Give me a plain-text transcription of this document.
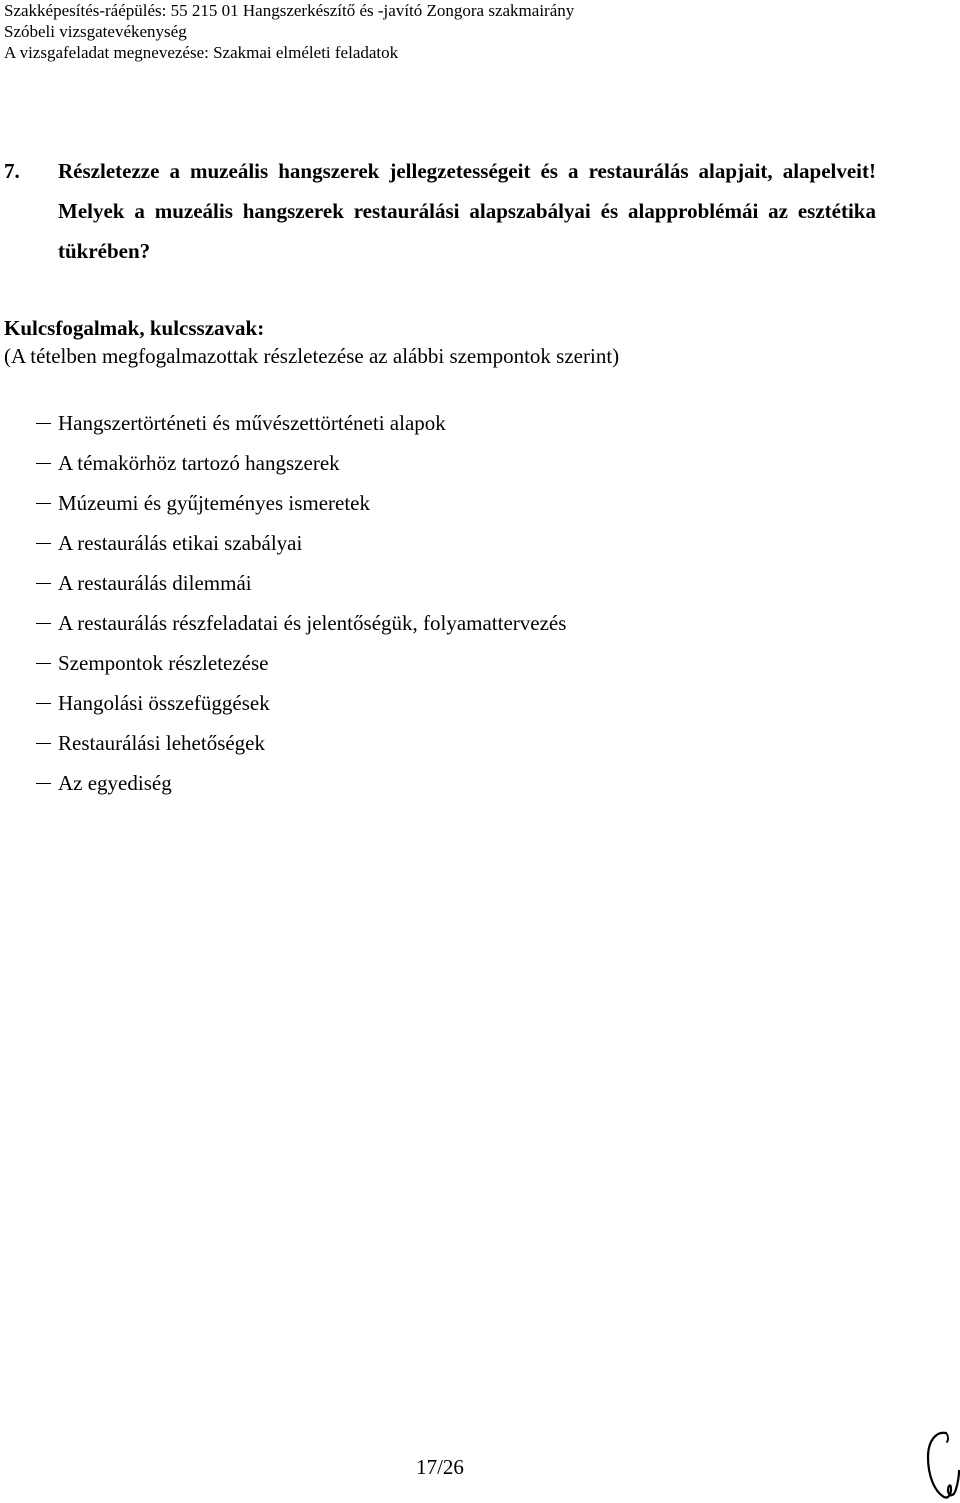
Szakképesítés-ráépülés: 55 215 01 Hangszerkészítő és -javító Zongora szakmairány
Szóbeli vizsgatevékenység
A vizsgafeladat megnevezése: Szakmai elméleti feladatok
7. Részletezze a muzeális hangszerek jellegzetességeit és a restaurálás alapjait, alapelveit! Melyek a muzeális hangszerek restaurálási alapszabályai és alapproblémái az esztétika tükrében?
Kulcsfogalmak, kulcsszavak:
(A tételben megfogalmazottak részletezése az alábbi szempontok szerint)
Hangszertörténeti és művészettörténeti alapok
A témakörhöz tartozó hangszerek
Múzeumi és gyűjteményes ismeretek
A restaurálás etikai szabályai
A restaurálás dilemmái
A restaurálás részfeladatai és jelentőségük, folyamattervezés
Szempontok részletezése
Hangolási összefüggések
Restaurálási lehetőségek
Az egyediség
17/26
